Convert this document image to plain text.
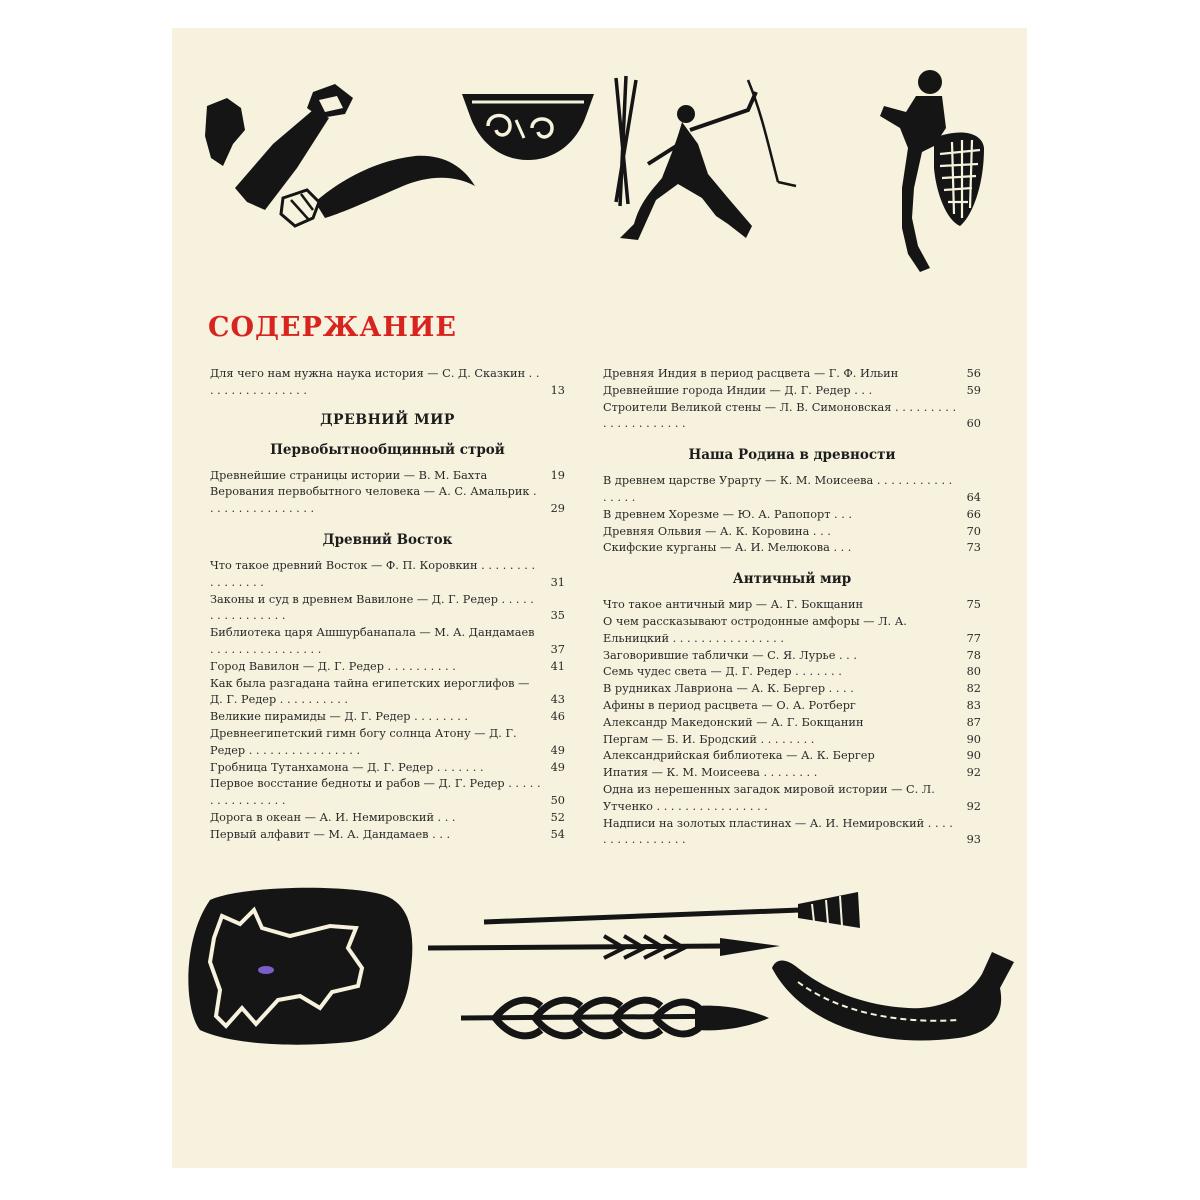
СОДЕРЖАНИЕ
Для чего нам нужна наука история — С. Д. Сказкин . . . . . . . . . . . . . . . .	13
ДРЕВНИЙ МИР
Первобытнообщинный строй
Древнейшие страницы истории — В. М. Бахта	19
Верования первобытного человека — А. С. Амальрик . . . . . . . . . . . . . . . .	29
Древний Восток
Что такое древний Восток — Ф. П. Коровкин . . . . . . . . . . . . . . . .	31
Законы и суд в древнем Вавилоне — Д. Г. Редер . . . . . . . . . . . . . . . .	35
Библиотека царя Ашшурбанапала — М. А. Дандамаев . . . . . . . . . . . . . . . .	37
Город Вавилон — Д. Г. Редер . . . . . . . . . .	41
Как была разгадана тайна египетских иероглифов — Д. Г. Редер . . . . . . . . . .	43
Великие пирамиды — Д. Г. Редер . . . . . . . .	46
Древнеегипетский гимн богу солнца Атону — Д. Г. Редер . . . . . . . . . . . . . . . .	49
Гробница Тутанхамона — Д. Г. Редер . . . . . . .	49
Первое восстание бедноты и рабов — Д. Г. Редер . . . . . . . . . . . . . . . .	50
Дорога в океан — А. И. Немировский . . .	52
Первый алфавит — М. А. Дандамаев . . .	54
Древняя Индия в период расцвета — Г. Ф. Ильин	56
Древнейшие города Индии — Д. Г. Редер . . .	59
Строители Великой стены — Л. В. Симоновская . . . . . . . . . . . . . . . . . . . . .	60
Наша Родина в древности
В древнем царстве Урарту — К. М. Моисеева . . . . . . . . . . . . . . . .	64
В древнем Хорезме — Ю. А. Рапопорт . . .	66
Древняя Ольвия — А. К. Коровина . . .	70
Скифские курганы — А. И. Мелюкова . . .	73
Античный мир
Что такое античный мир — А. Г. Бокщанин	75
О чем рассказывают остродонные амфоры — Л. А. Ельницкий . . . . . . . . . . . . . . . .	77
Заговорившие таблички — С. Я. Лурье . . .	78
Семь чудес света — Д. Г. Редер . . . . . . .	80
В рудниках Лавриона — А. К. Бергер . . . .	82
Афины в период расцвета — О. А. Ротберг	83
Александр Македонский — А. Г. Бокщанин	87
Пергам — Б. И. Бродский . . . . . . . .	90
Александрийская библиотека — А. К. Бергер	90
Ипатия — К. М. Моисеева . . . . . . . .	92
Одна из нерешенных загадок мировой истории — С. Л. Утченко . . . . . . . . . . . . . . . .	92
Надписи на золотых пластинах — А. И. Немировский . . . . . . . . . . . . . . . .	93
